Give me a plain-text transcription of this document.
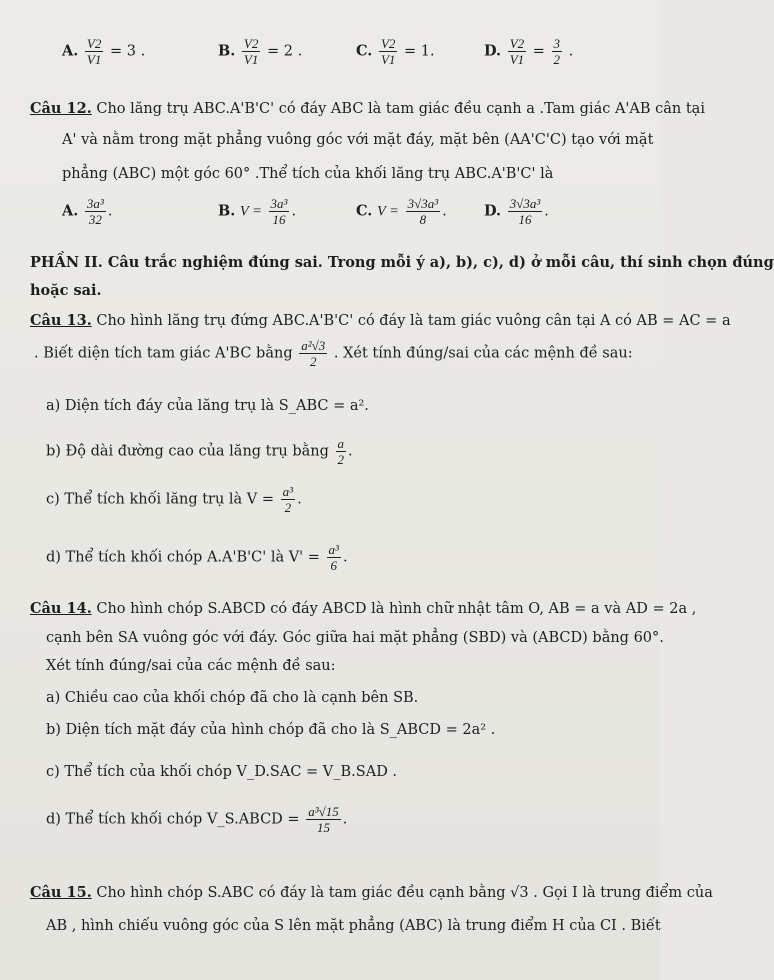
A. $\frac{V2}{V1} = 3$ .	B. $\frac{V2}{V1} = 2$ .	C. $\frac{V2}{V1} = 1$.	D. $\frac{V2}{V1} = \frac{3}{2}$ .
Câu 12. Cho lăng trụ ABC.A'B'C' có đáy ABC là tam giác đều cạnh a .Tam giác A'AB cân tại
A' và nằm trong mặt phẳng vuông góc với mặt đáy, mặt bên (AA'C'C) tạo với mặt
phẳng (ABC) một góc 60° .Thể tích của khối lăng trụ ABC.A'B'C' là
A. $\frac{\text{3a³}}{32}$ .	B. $V = \frac{\text{3a³}}{16}$ .	C. $V = \frac{\text{3√3a³}}{8}$ .	D. $\frac{\text{3√3a³}}{16}$ .
PHẦN II. Câu trắc nghiệm đúng sai. Trong mỗi ý a), b), c), d) ở mỗi câu, thí sinh chọn đúng
hoặc sai.
Câu 13. Cho hình lăng trụ đứng ABC.A'B'C' có đáy là tam giác vuông cân tại A có AB = AC = a
. Biết diện tích tam giác A'BC bằng $\frac{\text{a²√3}}{2}$ . Xét tính đúng/sai của các mệnh đề sau:
a) Diện tích đáy của lăng trụ là S_ABC = a².
b) Độ dài đường cao của lăng trụ bằng $\frac{a}{2}$ .
c) Thể tích khối lăng trụ là $V = \frac{\text{a³}}{2}$ .
d) Thể tích khối chóp A.A'B'C' là $V' = \frac{\text{a³}}{6}$ .
Câu 14. Cho hình chóp S.ABCD có đáy ABCD là hình chữ nhật tâm O, AB = a và AD = 2a ,
cạnh bên SA vuông góc với đáy. Góc giữa hai mặt phẳng (SBD) và (ABCD) bằng 60°.
Xét tính đúng/sai của các mệnh đề sau:
a) Chiều cao của khối chóp đã cho là cạnh bên SB.
b) Diện tích mặt đáy của hình chóp đã cho là S_ABCD = 2a² .
c) Thể tích của khối chóp V_D.SAC = V_B.SAD .
d) Thể tích khối chóp V_S.ABCD = $\frac{\text{a³√15}}{15}$ .
Câu 15. Cho hình chóp S.ABC có đáy là tam giác đều cạnh bằng √3 . Gọi I là trung điểm của
AB , hình chiếu vuông góc của S lên mặt phẳng (ABC) là trung điểm H của CI . Biết
